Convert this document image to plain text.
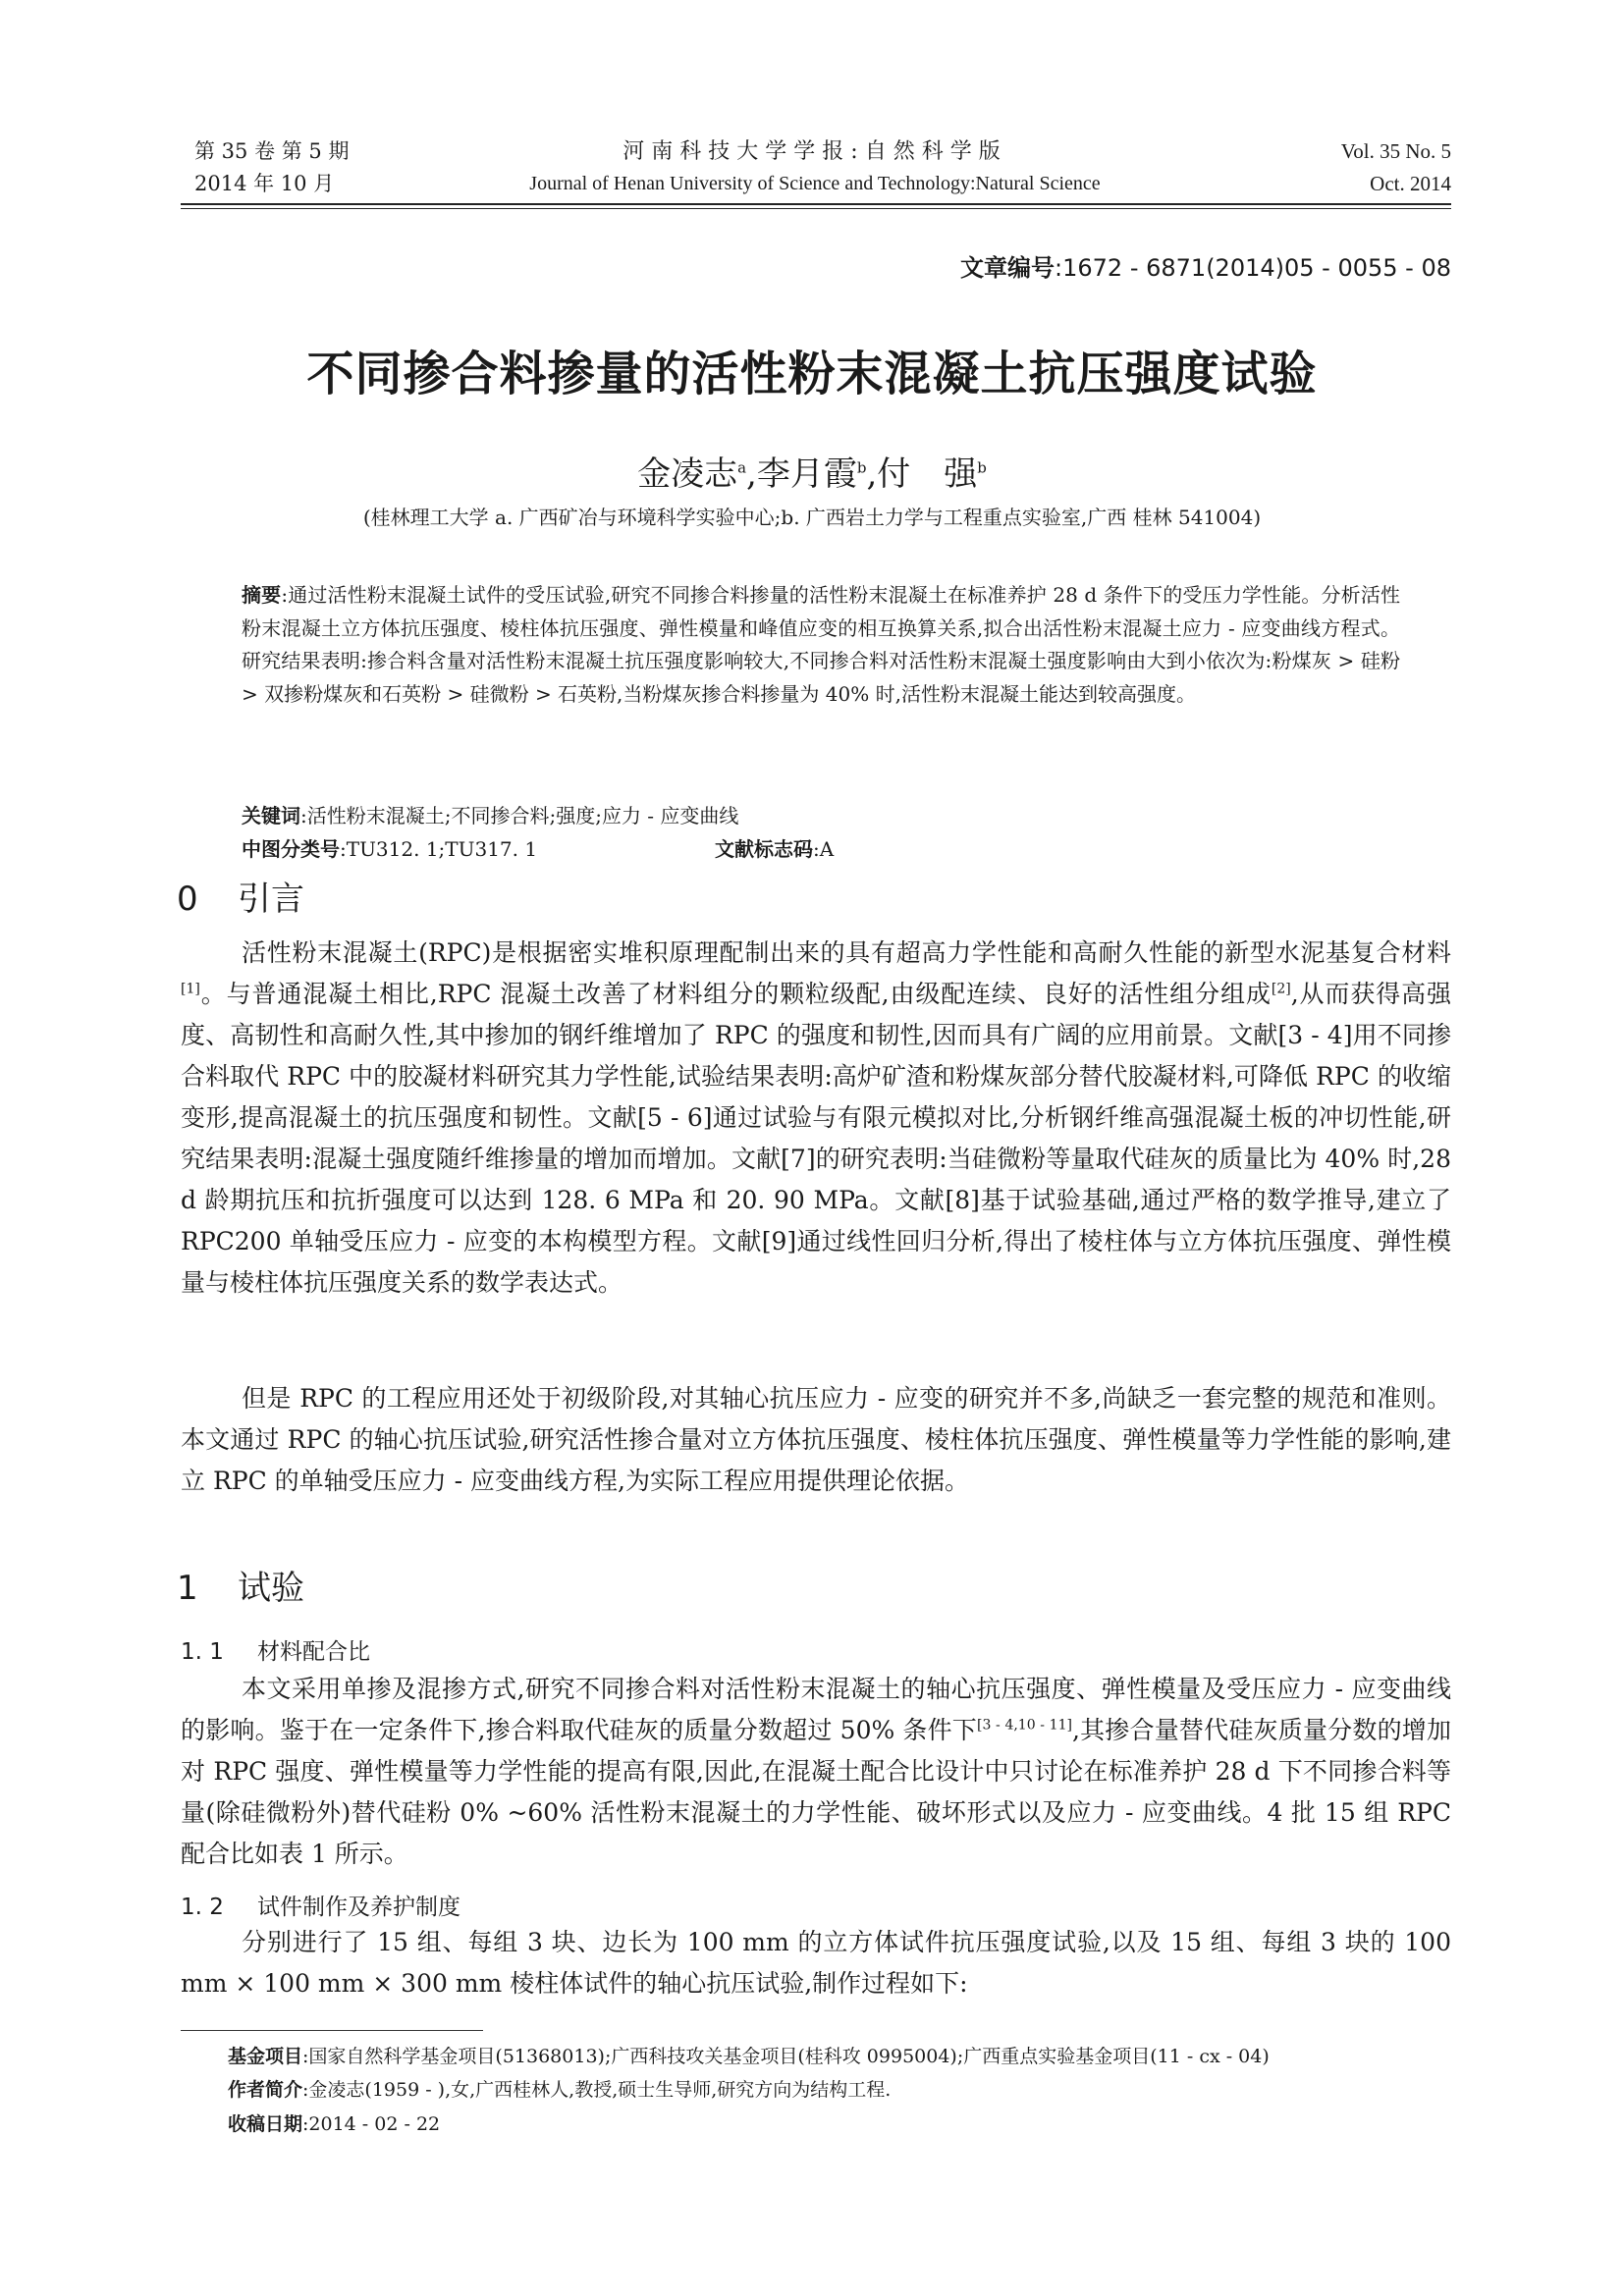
第 35 卷 第 5 期
2014 年 10 月
河南科技大学学报:自然科学版
Journal of Henan University of Science and Technology:Natural Science
Vol. 35 No. 5
Oct. 2014
文章编号:1672 - 6871(2014)05 - 0055 - 08
不同掺合料掺量的活性粉末混凝土抗压强度试验
金凌志$^a$,李月霞$^b$,付　强$^b$
(桂林理工大学 a. 广西矿冶与环境科学实验中心;b. 广西岩土力学与工程重点实验室,广西 桂林 541004)
摘要:通过活性粉末混凝土试件的受压试验,研究不同掺合料掺量的活性粉末混凝土在标准养护 28 d 条件下的受压力学性能。分析活性粉末混凝土立方体抗压强度、棱柱体抗压强度、弹性模量和峰值应变的相互换算关系,拟合出活性粉末混凝土应力 - 应变曲线方程式。研究结果表明:掺合料含量对活性粉末混凝土抗压强度影响较大,不同掺合料对活性粉末混凝土强度影响由大到小依次为:粉煤灰 > 硅粉 > 双掺粉煤灰和石英粉 > 硅微粉 > 石英粉,当粉煤灰掺合料掺量为 40% 时,活性粉末混凝土能达到较高强度。
关键词:活性粉末混凝土;不同掺合料;强度;应力 - 应变曲线
中图分类号:TU312. 1;TU317. 1	文献标志码:A
0 引言
活性粉末混凝土(RPC)是根据密实堆积原理配制出来的具有超高力学性能和高耐久性能的新型水泥基复合材料[1]。与普通混凝土相比,RPC 混凝土改善了材料组分的颗粒级配,由级配连续、良好的活性组分组成[2],从而获得高强度、高韧性和高耐久性,其中掺加的钢纤维增加了 RPC 的强度和韧性,因而具有广阔的应用前景。文献[3 - 4]用不同掺合料取代 RPC 中的胶凝材料研究其力学性能,试验结果表明:高炉矿渣和粉煤灰部分替代胶凝材料,可降低 RPC 的收缩变形,提高混凝土的抗压强度和韧性。文献[5 - 6]通过试验与有限元模拟对比,分析钢纤维高强混凝土板的冲切性能,研究结果表明:混凝土强度随纤维掺量的增加而增加。文献[7]的研究表明:当硅微粉等量取代硅灰的质量比为 40% 时,28 d 龄期抗压和抗折强度可以达到 128. 6 MPa 和 20. 90 MPa。文献[8]基于试验基础,通过严格的数学推导,建立了 RPC200 单轴受压应力 - 应变的本构模型方程。文献[9]通过线性回归分析,得出了棱柱体与立方体抗压强度、弹性模量与棱柱体抗压强度关系的数学表达式。
但是 RPC 的工程应用还处于初级阶段,对其轴心抗压应力 - 应变的研究并不多,尚缺乏一套完整的规范和准则。本文通过 RPC 的轴心抗压试验,研究活性掺合量对立方体抗压强度、棱柱体抗压强度、弹性模量等力学性能的影响,建立 RPC 的单轴受压应力 - 应变曲线方程,为实际工程应用提供理论依据。
1 试验
1. 1 材料配合比
本文采用单掺及混掺方式,研究不同掺合料对活性粉末混凝土的轴心抗压强度、弹性模量及受压应力 - 应变曲线的影响。鉴于在一定条件下,掺合料取代硅灰的质量分数超过 50% 条件下[3 - 4,10 - 11],其掺合量替代硅灰质量分数的增加对 RPC 强度、弹性模量等力学性能的提高有限,因此,在混凝土配合比设计中只讨论在标准养护 28 d 下不同掺合料等量(除硅微粉外)替代硅粉 0% ~60% 活性粉末混凝土的力学性能、破坏形式以及应力 - 应变曲线。4 批 15 组 RPC 配合比如表 1 所示。
1. 2 试件制作及养护制度
分别进行了 15 组、每组 3 块、边长为 100 mm 的立方体试件抗压强度试验,以及 15 组、每组 3 块的 100 mm × 100 mm × 300 mm 棱柱体试件的轴心抗压试验,制作过程如下:
基金项目:国家自然科学基金项目(51368013);广西科技攻关基金项目(桂科攻 0995004);广西重点实验基金项目(11 - cx - 04)
作者简介:金凌志(1959 - ),女,广西桂林人,教授,硕士生导师,研究方向为结构工程.
收稿日期:2014 - 02 - 22
